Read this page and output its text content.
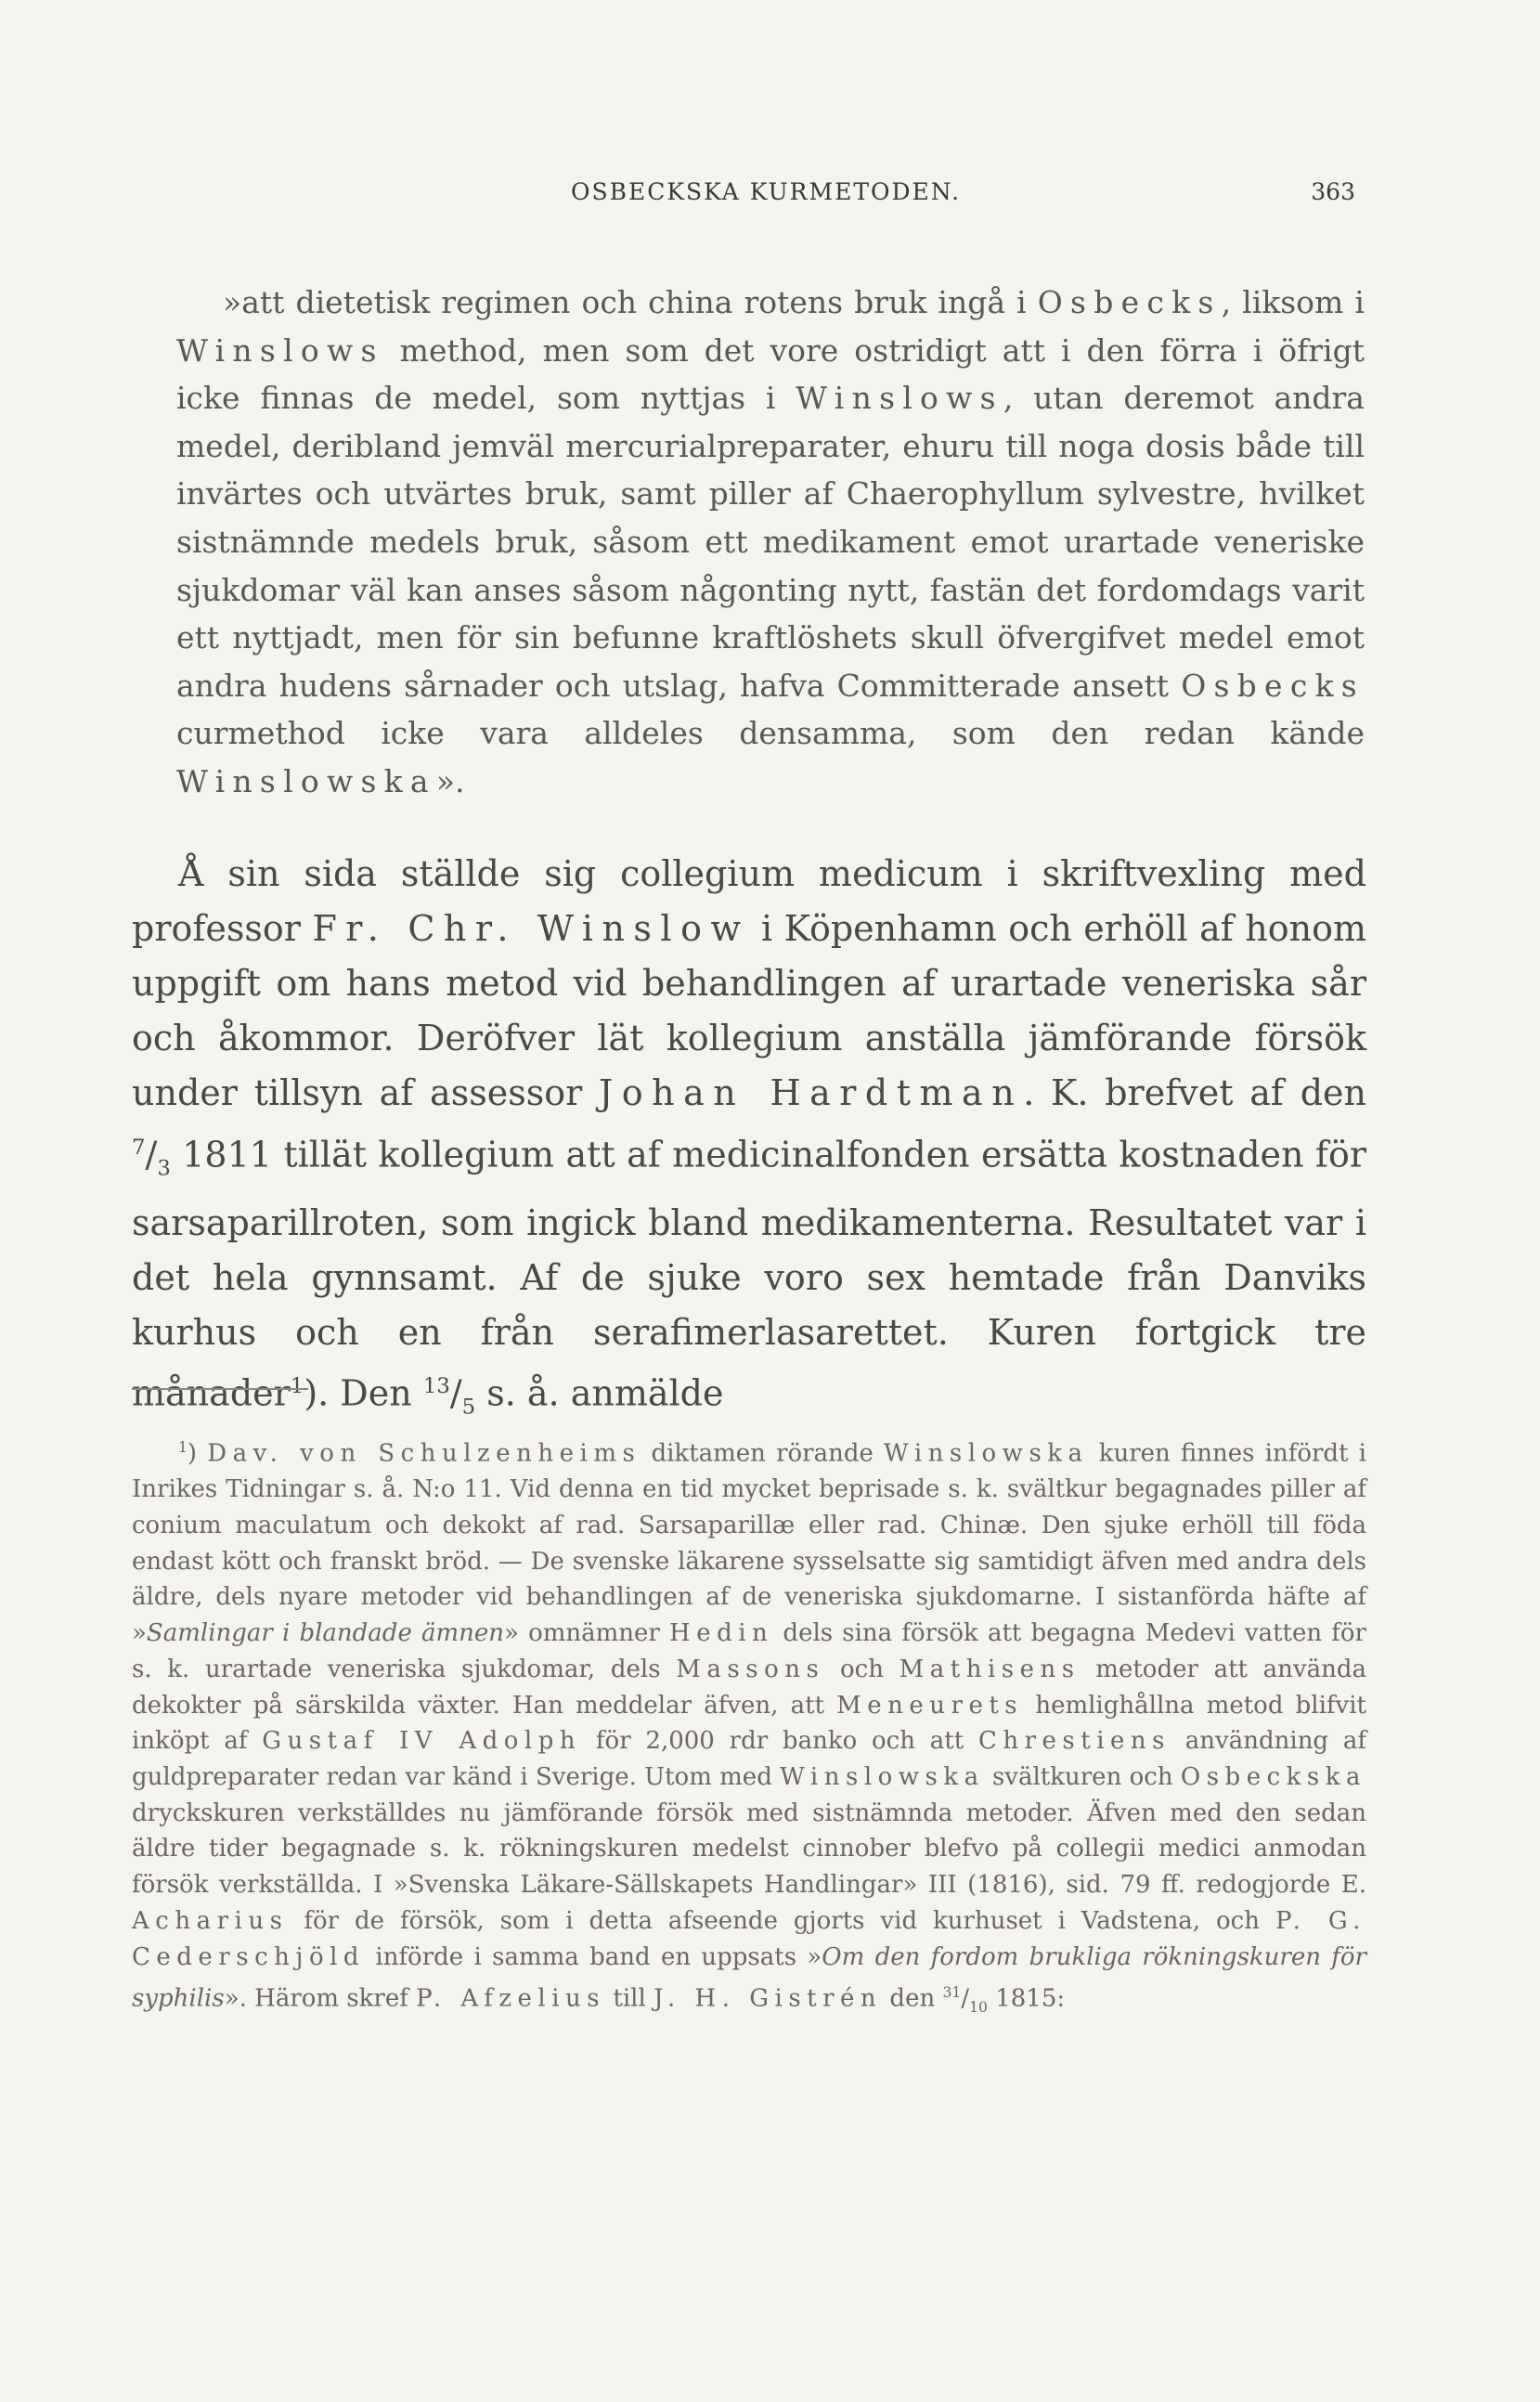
OSBECKSKA KURMETODEN.	363

»att dietetisk regimen och china rotens bruk ingå i Osbecks, liksom i Winslows method, men som det vore ostridigt att i den förra i öfrigt icke finnas de medel, som nyttjas i Winslows, utan deremot andra medel, deribland jemväl mercurialpreparater, ehuru till noga dosis både till invärtes och utvärtes bruk, samt piller af Chaerophyllum sylvestre, hvilket sistnämnde medels bruk, såsom ett medikament emot urartade veneriske sjukdomar väl kan anses såsom någonting nytt, fastän det fordomdags varit ett nyttjadt, men för sin befunne kraftlöshets skull öfvergifvet medel emot andra hudens sårnader och utslag, hafva Committerade ansett Osbecks curmethod icke vara alldeles densamma, som den redan kände Winslowska».

Å sin sida ställde sig collegium medicum i skriftvexling med professor Fr. Chr. Winslow i Köpenhamn och erhöll af honom uppgift om hans metod vid behandlingen af urartade veneriska sår och åkommor. Deröfver lät kollegium anställa jämförande försök under tillsyn af assessor Johan Hardtman. K. brefvet af den $^7/_3$ 1811 tillät kollegium att af medicinalfonden ersätta kostnaden för sarsaparillroten, som ingick bland medikamenterna. Resultatet var i det hela gynnsamt. Af de sjuke voro sex hemtade från Danviks kurhus och en från serafimerlasarettet. Kuren fortgick tre månader$^1$). Den $^{13}/_5$ s. å. anmälde

$^1$) Dav. von Schulzenheims diktamen rörande Winslowska kuren finnes infördt i Inrikes Tidningar s. å. N:o 11. Vid denna en tid mycket beprisade s. k. svältkur begagnades piller af conium maculatum och dekokt af rad. Sarsaparillæ eller rad. Chinæ. Den sjuke erhöll till föda endast kött och franskt bröd. — De svenske läkarene sysselsatte sig samtidigt äfven med andra dels äldre, dels nyare metoder vid behandlingen af de veneriska sjukdomarne. I sistanförda häfte af »Samlingar i blandade ämnen» omnämner Hedin dels sina försök att begagna Medevi vatten för s. k. urartade veneriska sjukdomar, dels Massons och Mathisens metoder att använda dekokter på särskilda växter. Han meddelar äfven, att Meneurets hemlighållna metod blifvit inköpt af Gustaf IV Adolph för 2,000 rdr banko och att Chrestiens användning af guldpreparater redan var känd i Sverige. Utom med Winslowska svältkuren och Osbeckska dryckskuren verkställdes nu jämförande försök med sistnämnda metoder. Äfven med den sedan äldre tider begagnade s. k. rökningskuren medelst cinnober blefvo på collegii medici anmodan försök verkställda. I »Svenska Läkare-Sällskapets Handlingar» III (1816), sid. 79 ff. redogjorde E. Acharius för de försök, som i detta afseende gjorts vid kurhuset i Vadstena, och P. G. Cederschjöld införde i samma band en uppsats »Om den fordom brukliga rökningskuren för syphilis». Härom skref P. Afzelius till J. H. Gistrén den $^{31}/_{10}$ 1815:
